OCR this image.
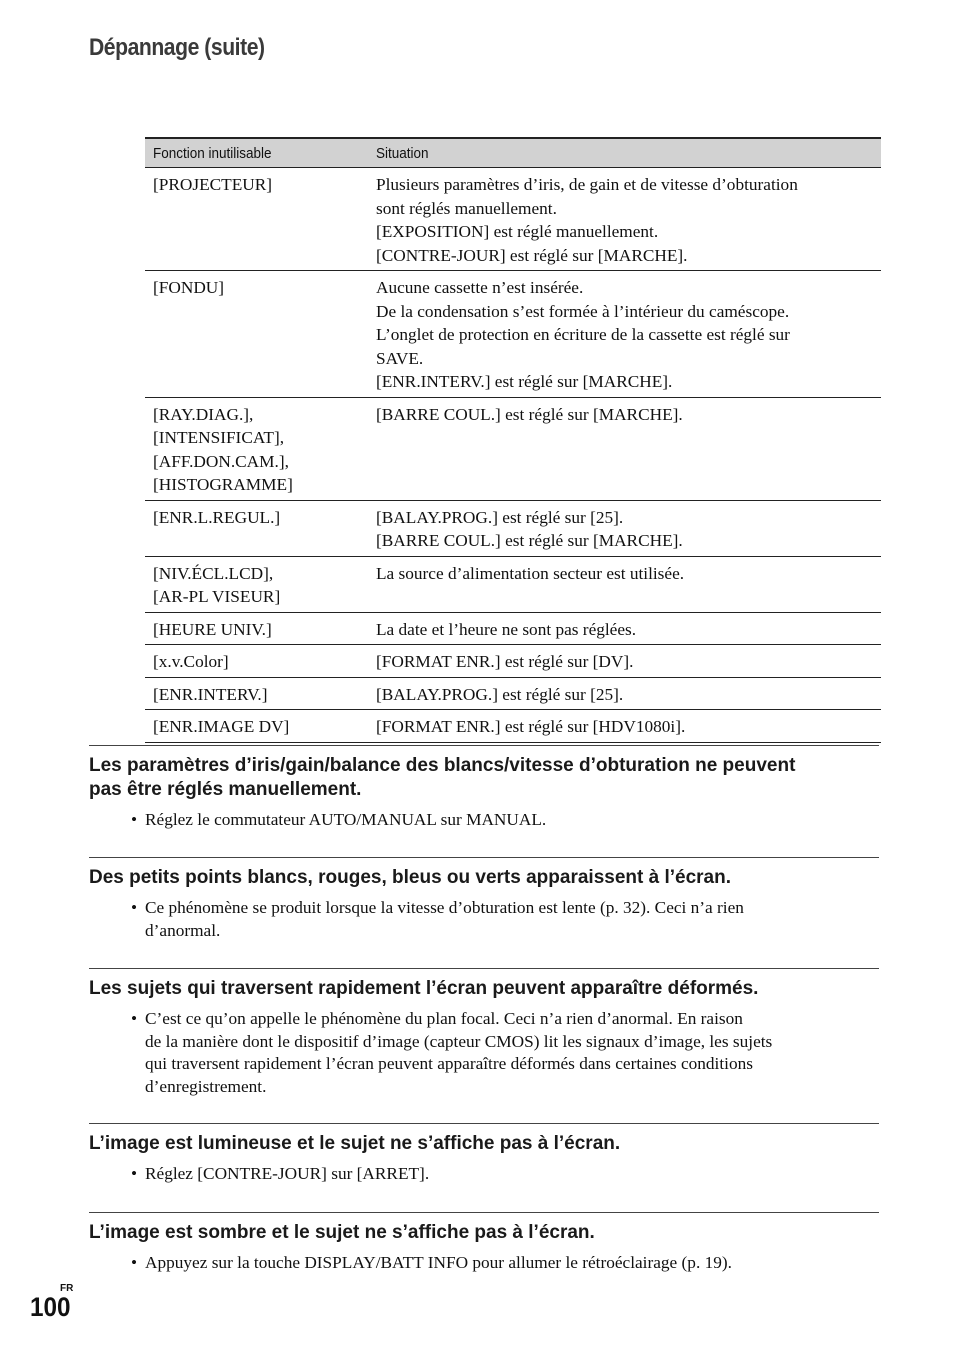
Dépannage (suite)
Fonction inutilisable	Situation

[PROJECTEUR]	Plusieurs paramètres d’iris, de gain et de vitesse d’obturation
sont réglés manuellement.
[EXPOSITION] est réglé manuellement.
[CONTRE-JOUR] est réglé sur [MARCHE].

[FONDU]	Aucune cassette n’est insérée.
De la condensation s’est formée à l’intérieur du caméscope.
L’onglet de protection en écriture de la cassette est réglé sur
SAVE.
[ENR.INTERV.] est réglé sur [MARCHE].

[RAY.DIAG.],
[INTENSIFICAT],
[AFF.DON.CAM.],
[HISTOGRAMME]	[BARRE COUL.] est réglé sur [MARCHE].

[ENR.L.REGUL.]	[BALAY.PROG.] est réglé sur [25].
[BARRE COUL.] est réglé sur [MARCHE].

[NIV.ÉCL.LCD],
[AR-PL VISEUR]	La source d’alimentation secteur est utilisée.

[HEURE UNIV.]	La date et l’heure ne sont pas réglées.

[x.v.Color]	[FORMAT ENR.] est réglé sur [DV].

[ENR.INTERV.]	[BALAY.PROG.] est réglé sur [25].

[ENR.IMAGE DV]	[FORMAT ENR.] est réglé sur [HDV1080i].
Les paramètres d’iris/gain/balance des blancs/vitesse d’obturation ne peuvent
pas être réglés manuellement.
• Réglez le commutateur AUTO/MANUAL sur MANUAL.
Des petits points blancs, rouges, bleus ou verts apparaissent à l’écran.
• Ce phénomène se produit lorsque la vitesse d’obturation est lente (p. 32). Ceci n’a rien
d’anormal.
Les sujets qui traversent rapidement l’écran peuvent apparaître déformés.
• C’est ce qu’on appelle le phénomène du plan focal. Ceci n’a rien d’anormal. En raison
de la manière dont le dispositif d’image (capteur CMOS) lit les signaux d’image, les sujets
qui traversent rapidement l’écran peuvent apparaître déformés dans certaines conditions
d’enregistrement.
L’image est lumineuse et le sujet ne s’affiche pas à l’écran.
• Réglez [CONTRE-JOUR] sur [ARRET].
L’image est sombre et le sujet ne s’affiche pas à l’écran.
• Appuyez sur la touche DISPLAY/BATT INFO pour allumer le rétroéclairage (p. 19).
FR
100
